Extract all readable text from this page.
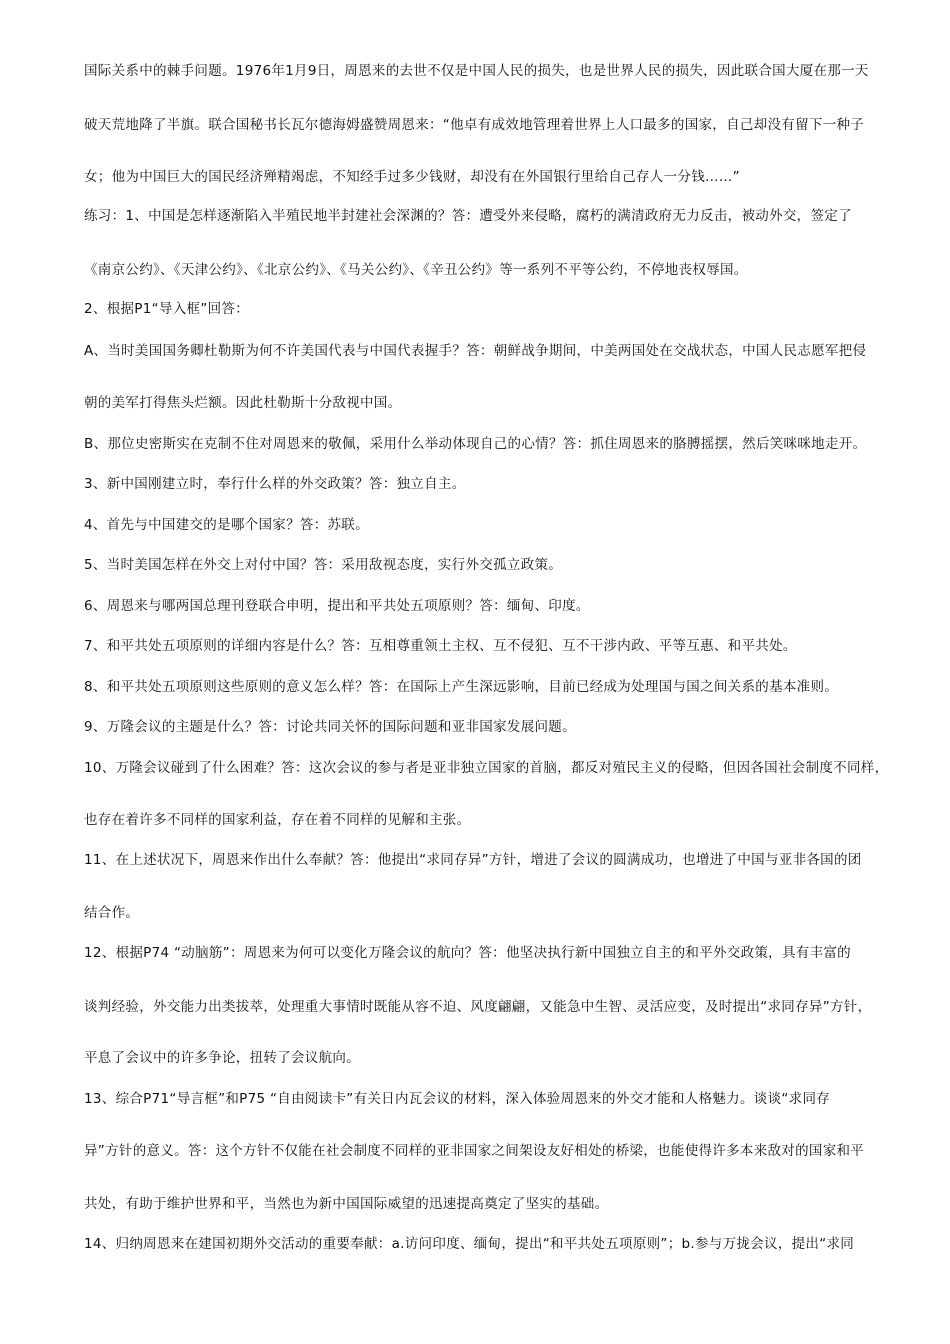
国际关系中的棘手问题。1976年1月9日，周恩来的去世不仅是中国人民的损失，也是世界人民的损失，因此联合国大厦在那一天
破天荒地降了半旗。联合国秘书长瓦尔德海姆盛赞周恩来：“他卓有成效地管理着世界上人口最多的国家，自己却没有留下一种子
女；他为中国巨大的国民经济殚精竭虑，不知经手过多少钱财，却没有在外国银行里给自己存人一分钱……”
练习：1、中国是怎样逐渐陷入半殖民地半封建社会深渊的？答：遭受外来侵略，腐朽的满清政府无力反击，被动外交，签定了
《南京公约》、《天津公约》、《北京公约》、《马关公约》、《辛丑公约》等一系列不平等公约，不停地丧权辱国。
2、根据P1“导入框”回答：
A、当时美国国务卿杜勒斯为何不许美国代表与中国代表握手？答：朝鲜战争期间，中美两国处在交战状态，中国人民志愿军把侵
朝的美军打得焦头烂额。因此杜勒斯十分敌视中国。
B、那位史密斯实在克制不住对周恩来的敬佩，采用什么举动体现自己的心情？答：抓住周恩来的胳膊摇摆，然后笑咪咪地走开。
3、新中国刚建立时，奉行什么样的外交政策？答：独立自主。
4、首先与中国建交的是哪个国家？答：苏联。
5、当时美国怎样在外交上对付中国？答：采用敌视态度，实行外交孤立政策。
6、周恩来与哪两国总理刊登联合申明，提出和平共处五项原则？答：缅甸、印度。
7、和平共处五项原则的详细内容是什么？答：互相尊重领土主权、互不侵犯、互不干涉内政、平等互惠、和平共处。
8、和平共处五项原则这些原则的意义怎么样？答：在国际上产生深远影响，目前已经成为处理国与国之间关系的基本准则。
9、万隆会议的主题是什么？答：讨论共同关怀的国际问题和亚非国家发展问题。
10、万隆会议碰到了什么困难？答：这次会议的参与者是亚非独立国家的首脑，都反对殖民主义的侵略，但因各国社会制度不同样，
也存在着许多不同样的国家利益，存在着不同样的见解和主张。
11、在上述状况下，周恩来作出什么奉献？答：他提出“求同存异”方针，增进了会议的圆满成功，也增进了中国与亚非各国的团
结合作。
12、根据P74 “动脑筋”：周恩来为何可以变化万隆会议的航向？答：他坚决执行新中国独立自主的和平外交政策，具有丰富的
谈判经验，外交能力出类拔萃，处理重大事情时既能从容不迫、风度翩翩，又能急中生智、灵活应变，及时提出“求同存异”方针，
平息了会议中的许多争论，扭转了会议航向。
13、综合P71“导言框”和P75 “自由阅读卡”有关日内瓦会议的材料，深入体验周恩来的外交才能和人格魅力。谈谈“求同存
异”方针的意义。答：这个方针不仅能在社会制度不同样的亚非国家之间架设友好相处的桥梁，也能使得许多本来敌对的国家和平
共处，有助于维护世界和平，当然也为新中国国际威望的迅速提高奠定了坚实的基础。
14、归纳周恩来在建国初期外交活动的重要奉献：a.访问印度、缅甸，提出“和平共处五项原则”；b.参与万拢会议，提出“求同
